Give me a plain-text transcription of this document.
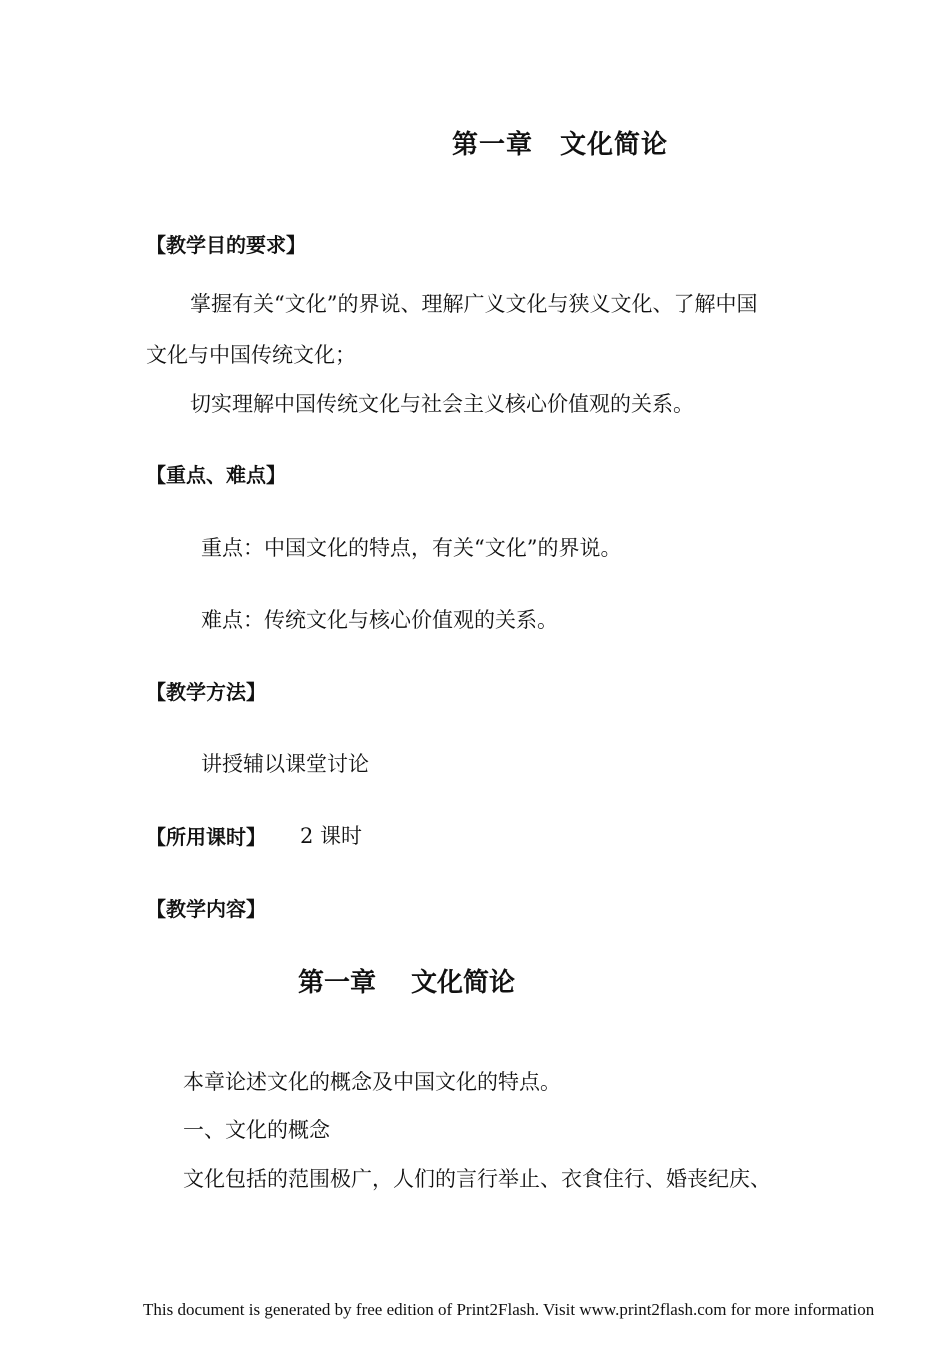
第一章　文化简论
【教学目的要求】

掌握有关“文化”的界说、理解广义文化与狭义文化、了解中国

文化与中国传统文化；

切实理解中国传统文化与社会主义核心价值观的关系。

【重点、难点】

重点：中国文化的特点，有关“文化”的界说。

难点：传统文化与核心价值观的关系。

【教学方法】

讲授辅以课堂讨论

【所用课时】 2 课时

【教学内容】
第一章　 文化简论

本章论述文化的概念及中国文化的特点。

一、文化的概念

文化包括的范围极广，人们的言行举止、衣食住行、婚丧纪庆、

This document is generated by free edition of Print2Flash. Visit www.print2flash.com for more information
